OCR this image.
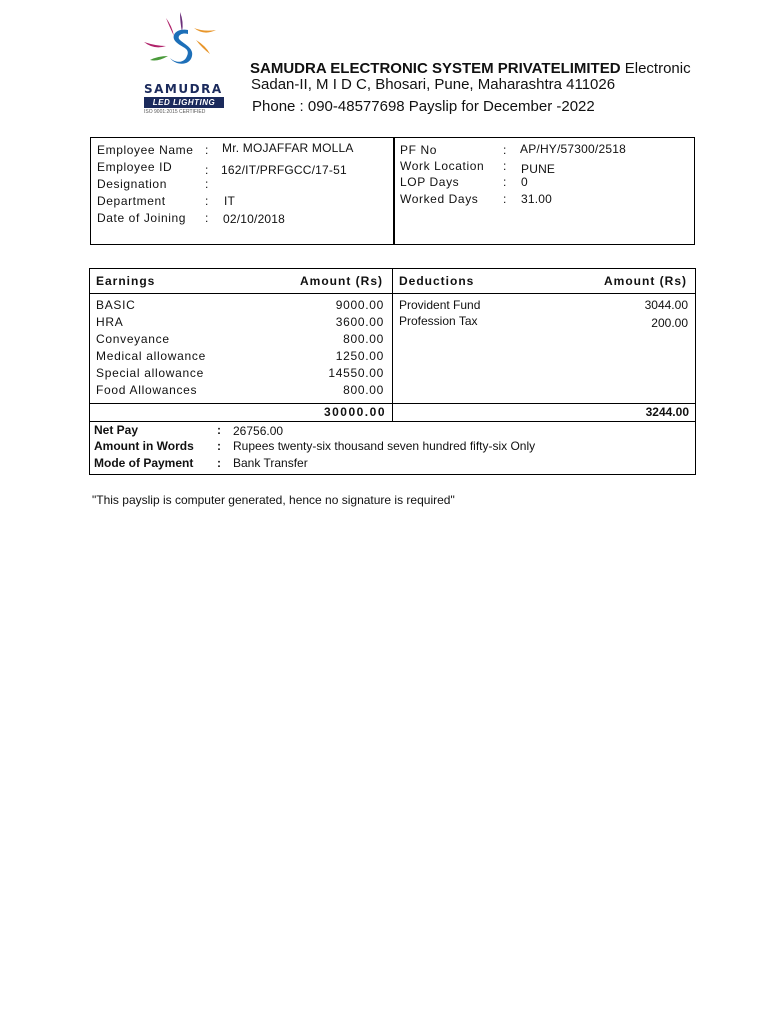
SAMUDRA
LED LIGHTING
ISO 9001:2015 CERTIFIED
SAMUDRA ELECTRONIC SYSTEM PRIVATELIMITED Electronic
Sadan-II, M I D C, Bhosari, Pune, Maharashtra 411026
Phone : 090-48577698 Payslip for December -2022
Employee Name : Mr. MOJAFFAR MOLLA
Employee ID	: 162/IT/PRFGCC/17-51
Designation	:
Department	: IT
Date of Joining : 02/10/2018
PF No	: AP/HY/57300/2518
Work Location : PUNE
LOP Days	: 0
Worked Days : 31.00
Earnings	Amount (Rs) Deductions	Amount (Rs)
BASIC	9000.00
HRA	3600.00
Conveyance	800.00
Medical allowance	1250.00
Special allowance	14550.00
Food Allowances	800.00
Provident Fund	3044.00
Profession Tax	200.00
30000.00	3244.00
Net Pay	: 26756.00
Amount in Words : Rupees twenty-six thousand seven hundred fifty-six Only
Mode of Payment : Bank Transfer
"This payslip is computer generated, hence no signature is required"
